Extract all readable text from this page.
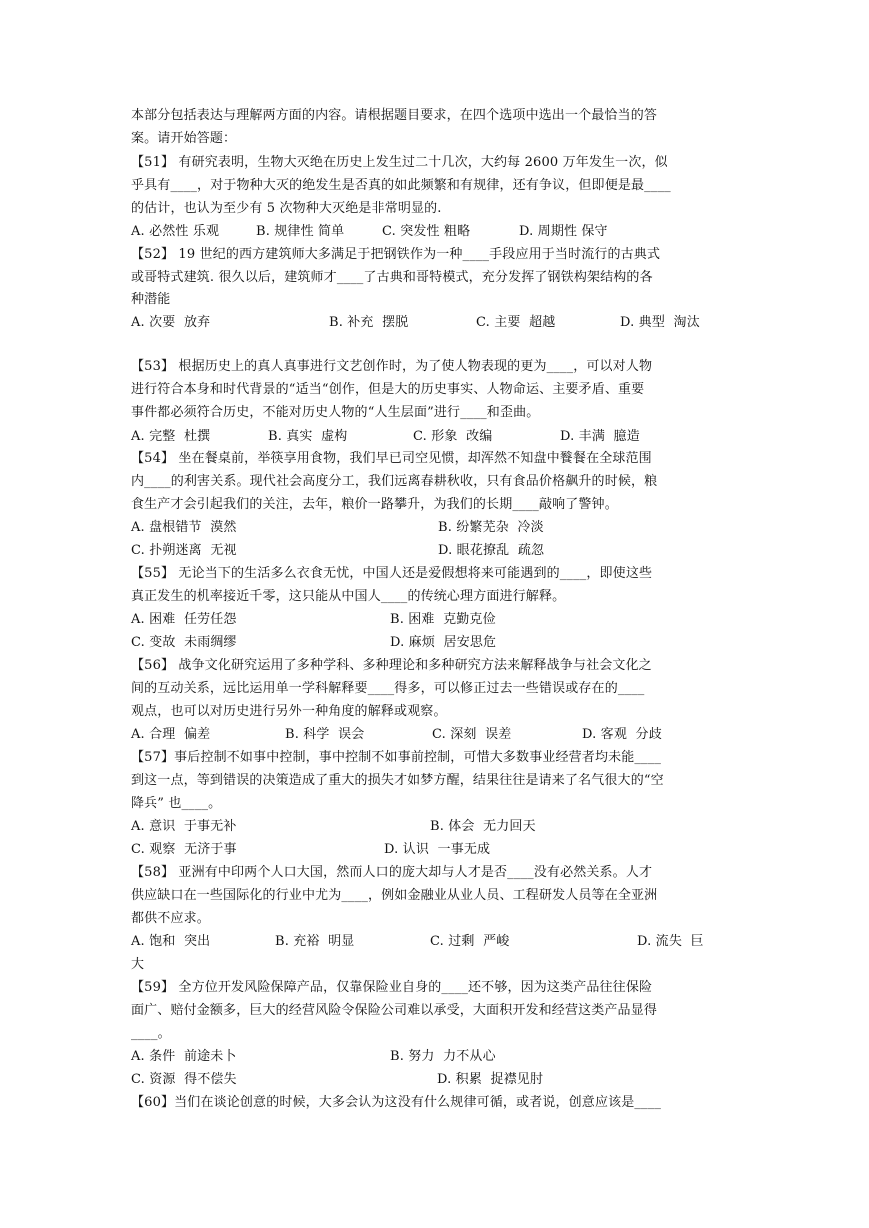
本部分包括表达与理解两方面的内容。请根据题目要求，在四个选项中选出一个最恰当的答
案。请开始答题：
【51】 有研究表明，生物大灭绝在历史上发生过二十几次，大约每 2600 万年发生一次，似
乎具有____，对于物种大灭的绝发生是否真的如此频繁和有规律，还有争议，但即便是最____
的估计，也认为至少有 5 次物种大灭绝是非常明显的.
A. 必然性 乐观	B. 规律性 简单	C. 突发性 粗略	D. 周期性 保守
【52】 19 世纪的西方建筑师大多满足于把钢铁作为一种____手段应用于当时流行的古典式
或哥特式建筑. 很久以后，建筑师才____了古典和哥特模式，充分发挥了钢铁构架结构的各
种潜能
A. 次要  放弃	B. 补充  摆脱	C. 主要  超越	D. 典型  淘汰
【53】 根据历史上的真人真事进行文艺创作时，为了使人物表现的更为____，可以对人物
进行符合本身和时代背景的“适当“创作，但是大的历史事实、人物命运、主要矛盾、重要
事件都必须符合历史，不能对历史人物的“人生层面”进行____和歪曲。
A. 完整  杜撰	B. 真实  虚构	C. 形象  改编	D. 丰满  臆造
【54】 坐在餐桌前，举筷享用食物，我们早已司空见惯，却浑然不知盘中餮餐在全球范围
内____的利害关系。现代社会高度分工，我们远离春耕秋收，只有食品价格飙升的时候，粮
食生产才会引起我们的关注，去年，粮价一路攀升，为我们的长期____敲响了警钟。
A. 盘根错节  漠然	B. 纷繁芜杂  冷淡
C. 扑朔迷离  无视	D. 眼花撩乱  疏忽
【55】 无论当下的生活多么衣食无忧，中国人还是爱假想将来可能遇到的____，即使这些
真正发生的机率接近千零，这只能从中国人____的传统心理方面进行解释。
A. 困难  任劳任怨	B. 困难  克勤克俭
C. 变故  未雨绸缪	D. 麻烦  居安思危
【56】 战争文化研究运用了多种学科、多种理论和多种研究方法来解释战争与社会文化之
间的互动关系，远比运用单一学科解释要____得多，可以修正过去一些错误或存在的____
观点，也可以对历史进行另外一种角度的解释或观察。
A. 合理  偏差	B. 科学  误会	C. 深刻  误差	D. 客观  分歧
【57】事后控制不如事中控制，事中控制不如事前控制，可惜大多数事业经营者均未能____
到这一点，等到错误的决策造成了重大的损失才如梦方醒，结果往往是请来了名气很大的“空
降兵” 也____。
A. 意识  于事无补	B. 体会  无力回天
C. 观察  无济于事	D. 认识  一事无成
【58】 亚洲有中印两个人口大国，然而人口的庞大却与人才是否____没有必然关系。人才
供应缺口在一些国际化的行业中尤为____，例如金融业从业人员、工程研发人员等在全亚洲
都供不应求。
A. 饱和  突出	B. 充裕  明显	C. 过剩  严峻	D. 流失  巨
【59】 全方位开发风险保障产品，仅靠保险业自身的____还不够，因为这类产品往往保险
面广、赔付金额多，巨大的经营风险令保险公司难以承受，大面积开发和经营这类产品显得
____。
A. 条件  前途未卜	B. 努力  力不从心
C. 资源  得不偿失	D. 积累  捉襟见肘
【60】当们在谈论创意的时候，大多会认为这没有什么规律可循，或者说，创意应该是____
大
